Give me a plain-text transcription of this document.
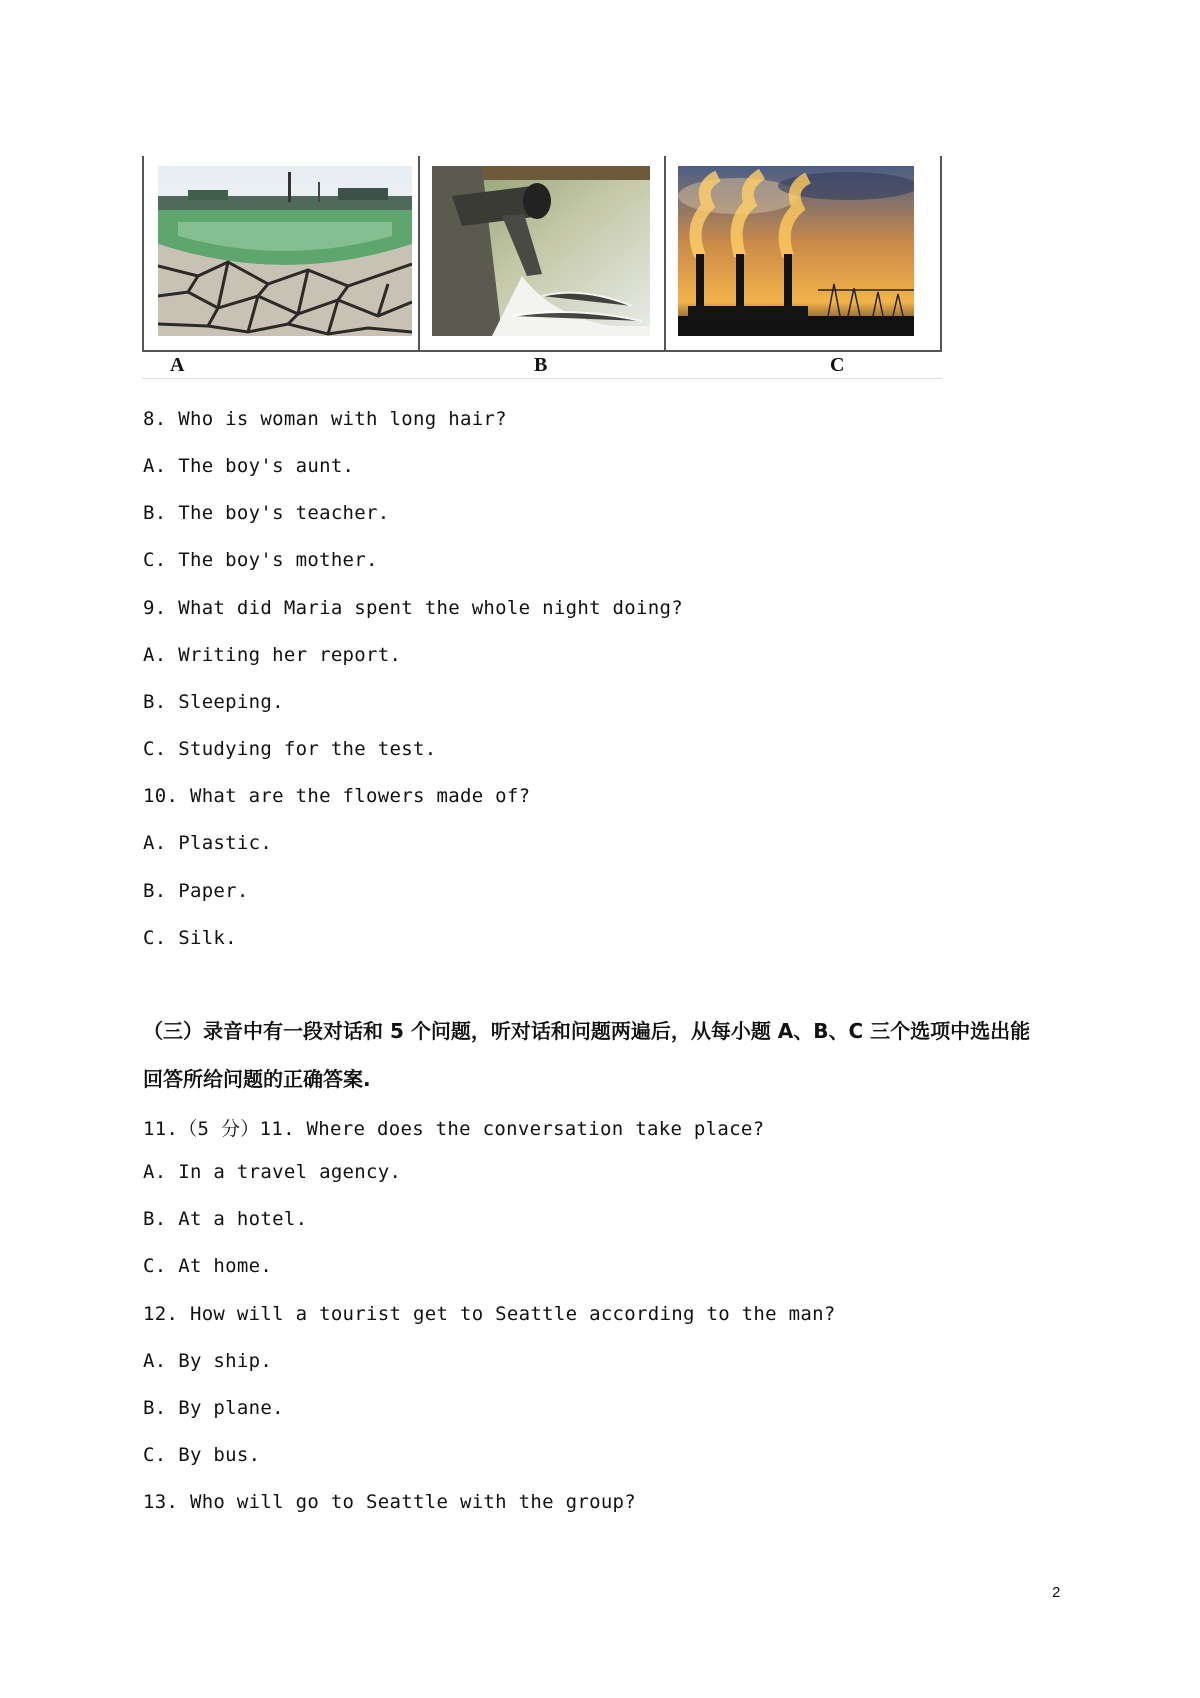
A	B	C
8. Who is woman with long hair?
A. The boy's aunt.
B. The boy's teacher.
C. The boy's mother.
9. What did Maria spent the whole night doing?
A. Writing her report.
B. Sleeping.
C. Studying for the test.
10. What are the flowers made of?
A. Plastic.
B. Paper.
C. Silk.
（三）录音中有一段对话和 5 个问题，听对话和问题两遍后，从每小题 A、B、C 三个选项中选出能
回答所给问题的正确答案.
11.（5 分）11. Where does the conversation take place?
A. In a travel agency.
B. At a hotel.
C. At home.
12. How will a tourist get to Seattle according to the man?
A. By ship.
B. By plane.
C. By bus.
13. Who will go to Seattle with the group?
2
